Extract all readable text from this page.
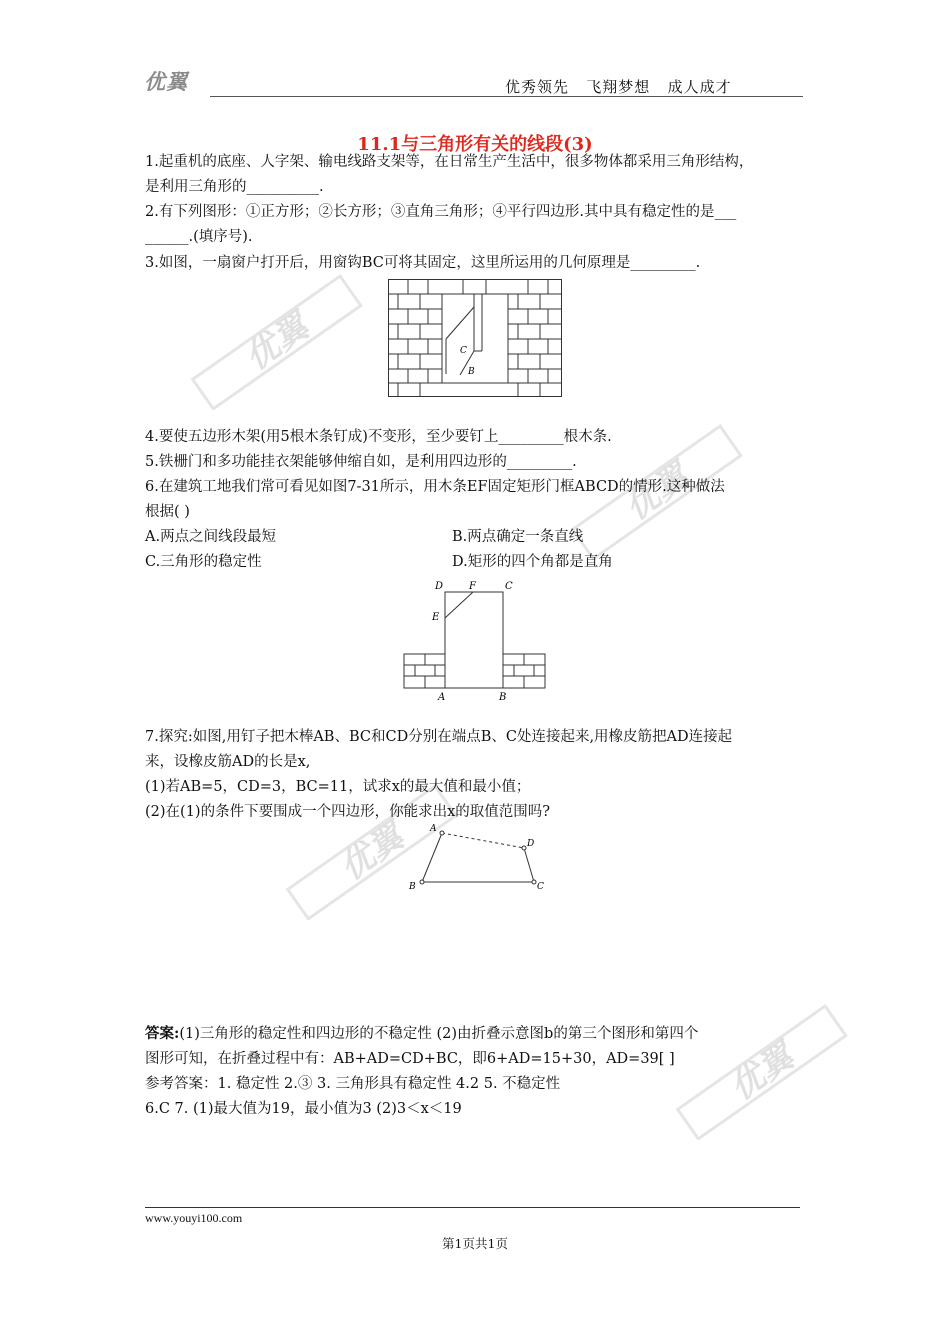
优翼	优秀领先   飞翔梦想   成人成才
优翼
优翼
优翼
优翼
11.1与三角形有关的线段(3)
1.起重机的底座、人字架、输电线路支架等，在日常生产生活中，很多物体都采用三角形结构，
是利用三角形的__________.
2.有下列图形：①正方形；②长方形；③直角三角形；④平行四边形.其中具有稳定性的是___
______.(填序号).
3.如图，一扇窗户打开后，用窗钩BC可将其固定，这里所运用的几何原理是_________.
C
B
4.要使五边形木架(用5根木条钉成)不变形，至少要钉上_________根木条.
5.铁栅门和多功能挂衣架能够伸缩自如，是利用四边形的_________.
6.在建筑工地我们常可看见如图7-31所示，用木条EF固定矩形门框ABCD的情形.这种做法
根据( )
A.两点之间线段最短	B.两点确定一条直线
C.三角形的稳定性	D.矩形的四个角都是直角
D	F	C
E
A	B
7.探究:如图,用钉子把木棒AB、BC和CD分别在端点B、C处连接起来,用橡皮筋把AD连接起
来，设橡皮筋AD的长是x,
(1)若AB=5，CD=3，BC=11，试求x的最大值和最小值；
(2)在(1)的条件下要围成一个四边形，你能求出x的取值范围吗?
A
D
B	C
答案:(1)三角形的稳定性和四边形的不稳定性 (2)由折叠示意图b的第三个图形和第四个
图形可知，在折叠过程中有：AB+AD=CD+BC，即6+AD=15+30，AD=39[ ]
参考答案：1. 稳定性 2.③ 3. 三角形具有稳定性 4.2 5. 不稳定性
6.C 7. (1)最大值为19，最小值为3 (2)3＜x＜19
www.youyi100.com
第1页共1页
